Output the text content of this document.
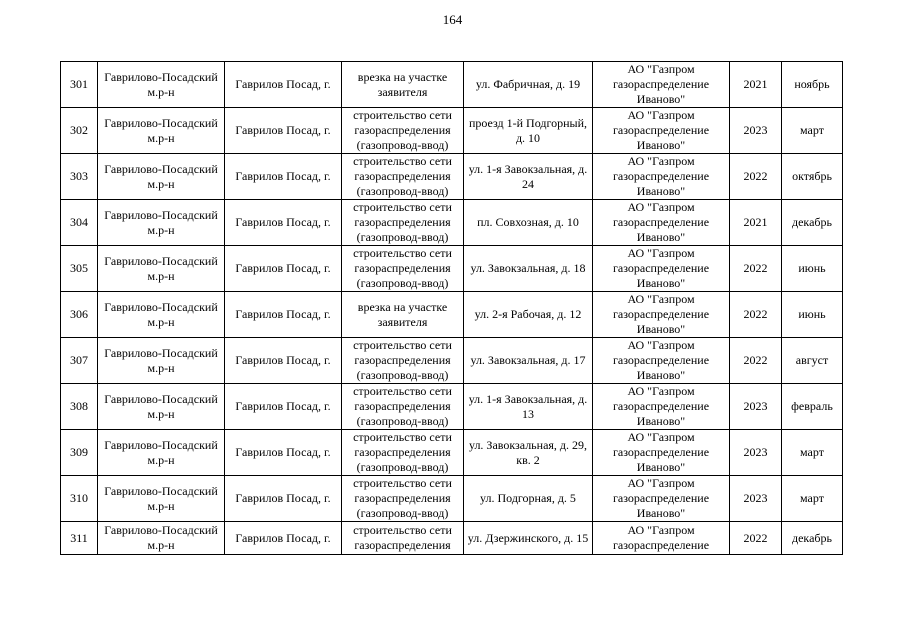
164
301	Гаврилово-Посадский м.р-н	Гаврилов Посад, г.	врезка на участке заявителя	ул. Фабричная, д. 19	АО "Газпром газораспределение Иваново"	2021	ноябрь
302	Гаврилово-Посадский м.р-н	Гаврилов Посад, г.	строительство сети газораспределения (газопровод-ввод)	проезд 1-й Подгорный, д. 10	АО "Газпром газораспределение Иваново"	2023	март
303	Гаврилово-Посадский м.р-н	Гаврилов Посад, г.	строительство сети газораспределения (газопровод-ввод)	ул. 1-я Завокзальная, д. 24	АО "Газпром газораспределение Иваново"	2022	октябрь
304	Гаврилово-Посадский м.р-н	Гаврилов Посад, г.	строительство сети газораспределения (газопровод-ввод)	пл. Совхозная, д. 10	АО "Газпром газораспределение Иваново"	2021	декабрь
305	Гаврилово-Посадский м.р-н	Гаврилов Посад, г.	строительство сети газораспределения (газопровод-ввод)	ул. Завокзальная, д. 18	АО "Газпром газораспределение Иваново"	2022	июнь
306	Гаврилово-Посадский м.р-н	Гаврилов Посад, г.	врезка на участке заявителя	ул. 2-я Рабочая, д. 12	АО "Газпром газораспределение Иваново"	2022	июнь
307	Гаврилово-Посадский м.р-н	Гаврилов Посад, г.	строительство сети газораспределения (газопровод-ввод)	ул. Завокзальная, д. 17	АО "Газпром газораспределение Иваново"	2022	август
308	Гаврилово-Посадский м.р-н	Гаврилов Посад, г.	строительство сети газораспределения (газопровод-ввод)	ул. 1-я Завокзальная, д. 13	АО "Газпром газораспределение Иваново"	2023	февраль
309	Гаврилово-Посадский м.р-н	Гаврилов Посад, г.	строительство сети газораспределения (газопровод-ввод)	ул. Завокзальная, д. 29, кв. 2	АО "Газпром газораспределение Иваново"	2023	март
310	Гаврилово-Посадский м.р-н	Гаврилов Посад, г.	строительство сети газораспределения (газопровод-ввод)	ул. Подгорная, д. 5	АО "Газпром газораспределение Иваново"	2023	март

311	Гаврилово-Посадский м.р-н	Гаврилов Посад, г.	строительство сети газораспределения	ул. Дзержинского, д. 15	АО "Газпром газораспределение	2022	декабрь
